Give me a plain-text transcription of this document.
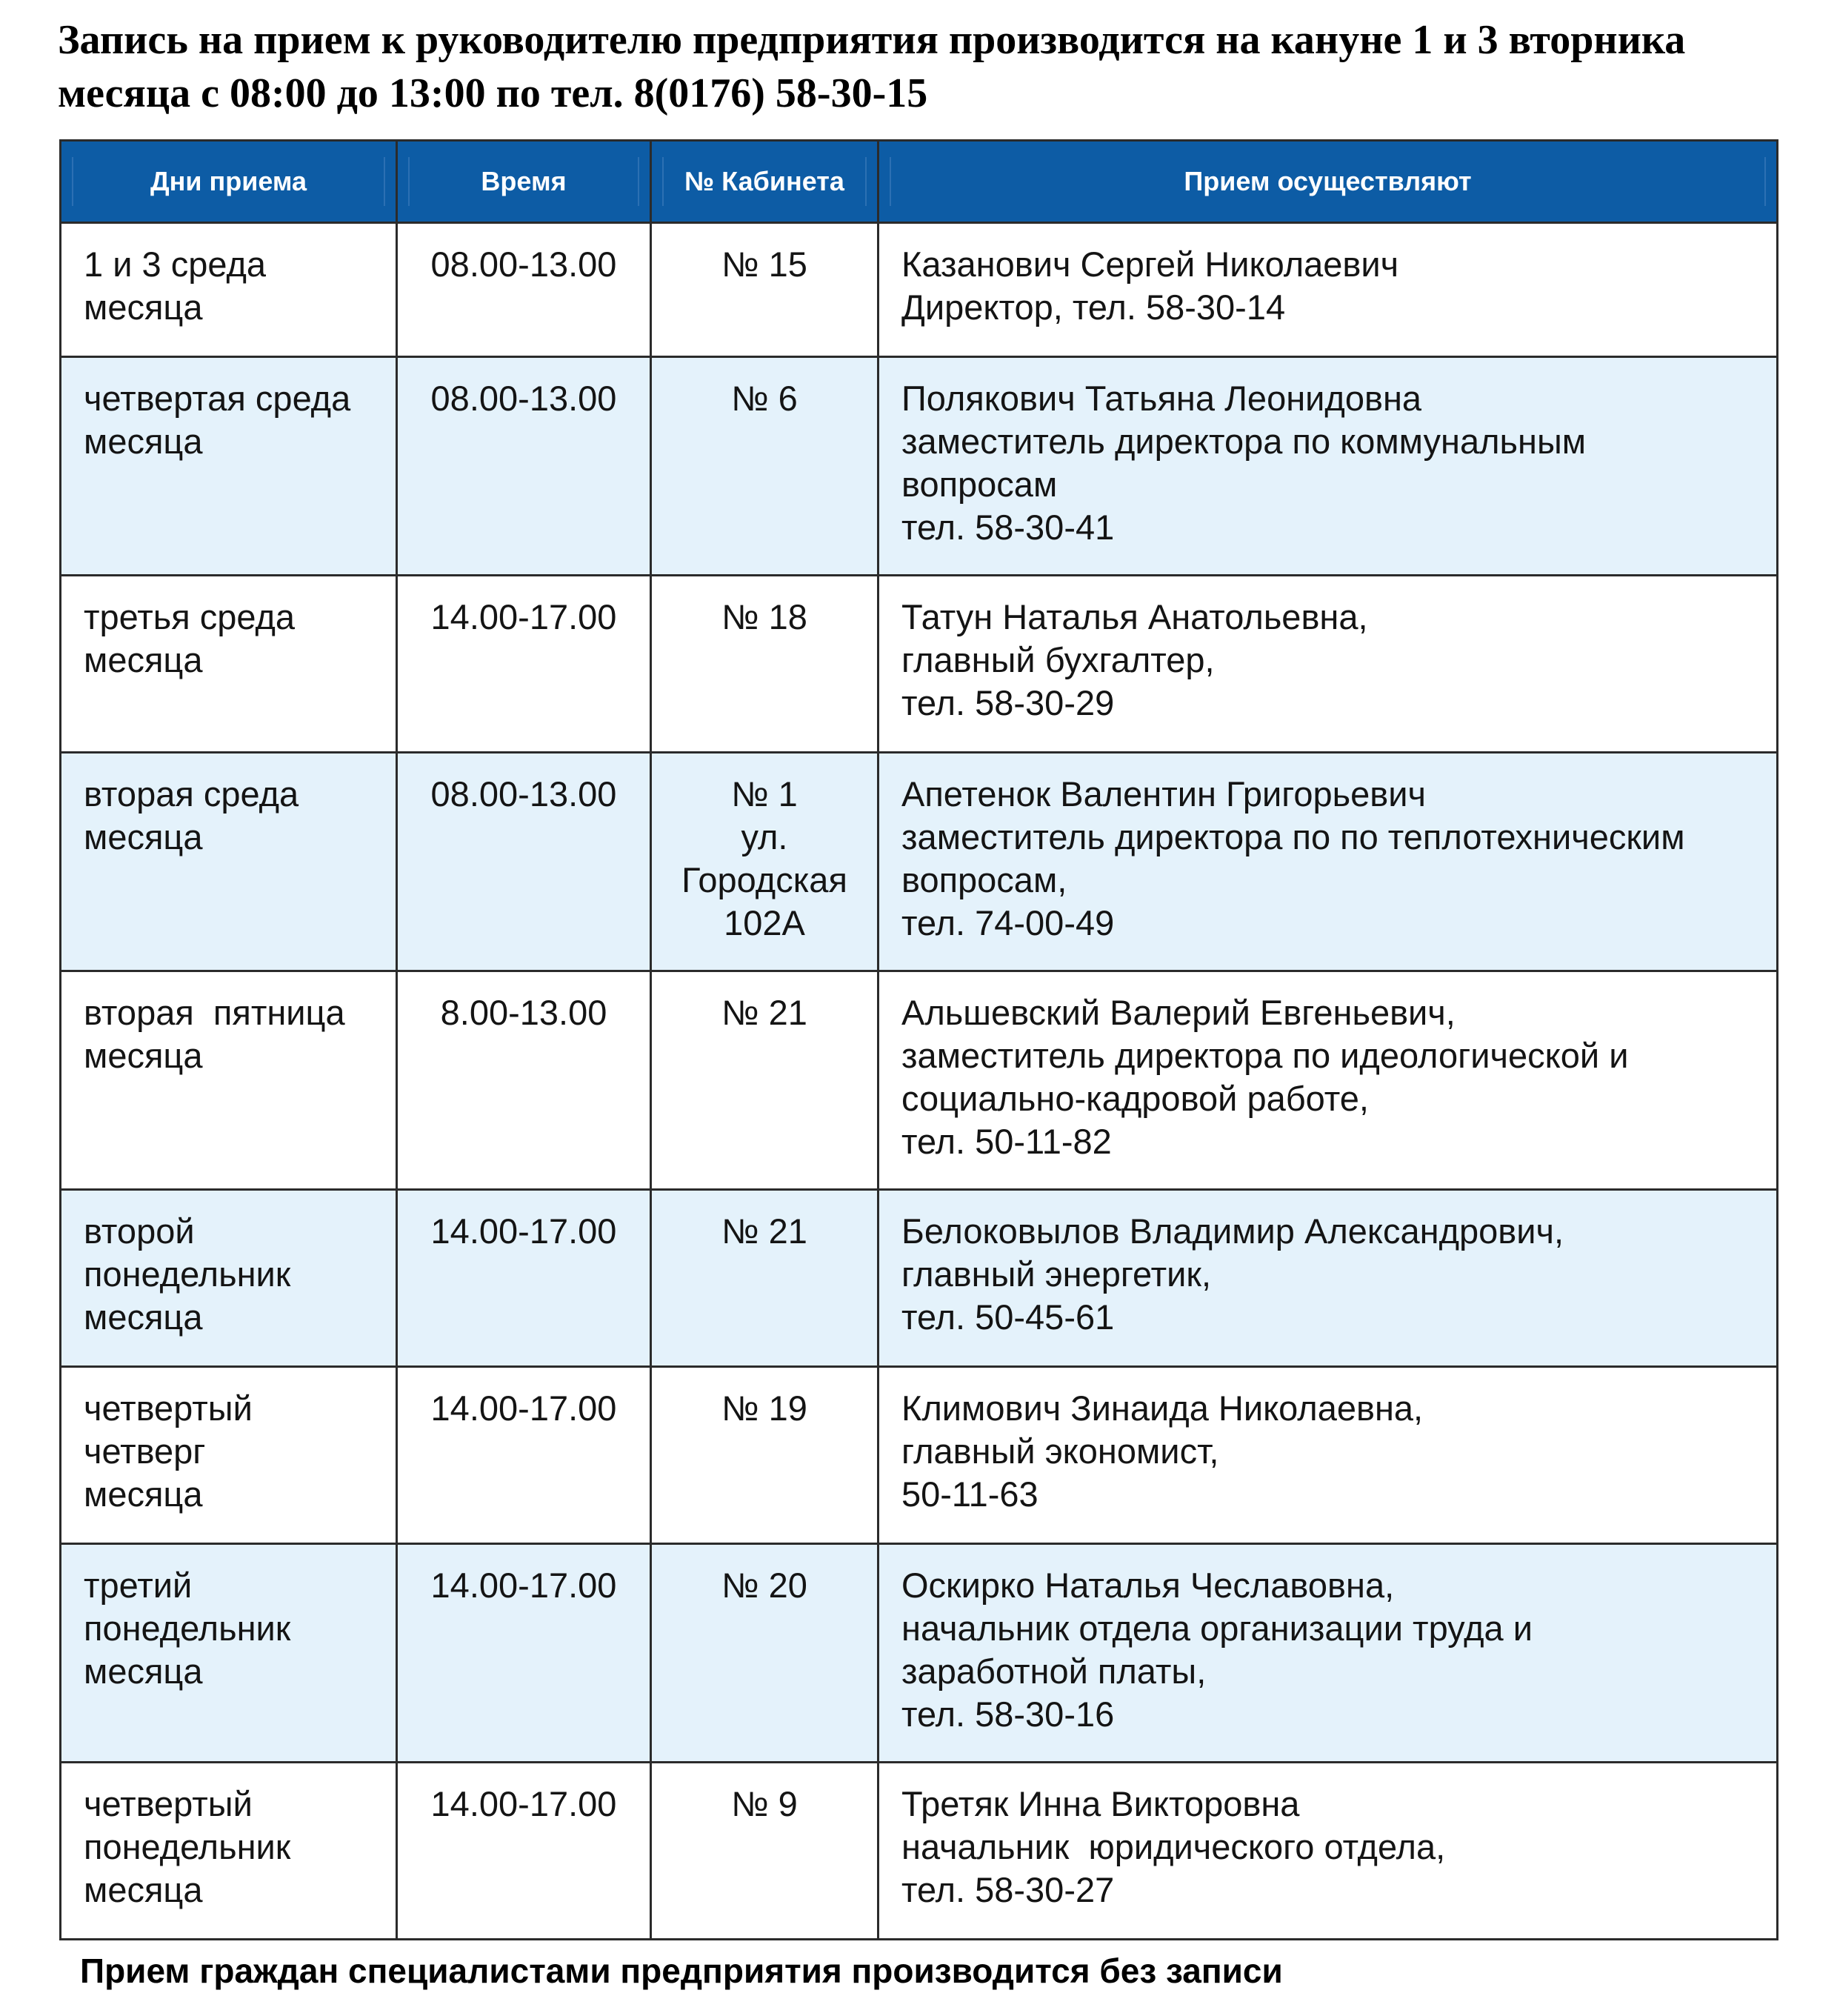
Запись на прием к руководителю предприятия производится на кануне 1 и 3 вторника
месяца с 08:00 до 13:00 по тел. 8(0176) 58-30-15
Дни приема	Время	№ Кабинета	Прием осуществляют

1 и 3 среда
месяца	08.00-13.00	№ 15	Казанович Сергей Николаевич
Директор, тел. 58-30-14

четвертая среда
месяца	08.00-13.00	№ 6	Полякович Татьяна Леонидовна
заместитель директора по коммунальным
вопросам
тел. 58-30-41

третья среда
месяца	14.00-17.00	№ 18	Татун Наталья Анатольевна,
главный бухгалтер,
тел. 58-30-29

вторая среда
месяца	08.00-13.00	№ 1
ул.
Городская
102А	Апетенок Валентин Григорьевич
заместитель директора по по теплотехническим
вопросам,
тел. 74-00-49

вторая  пятница
месяца	8.00-13.00	№ 21	Альшевский Валерий Евгеньевич,
заместитель директора по идеологической и
социально-кадровой работе,
тел. 50-11-82

второй
понедельник
месяца	14.00-17.00	№ 21	Белоковылов Владимир Александрович,
главный энергетик,
тел. 50-45-61

четвертый
четверг
месяца	14.00-17.00	№ 19	Климович Зинаида Николаевна,
главный экономист,
50-11-63

третий
понедельник
месяца	14.00-17.00	№ 20	Оскирко Наталья Чеславовна,
начальник отдела организации труда и
заработной платы,
тел. 58-30-16

четвертый
понедельник
месяца	14.00-17.00	№ 9	Третяк Инна Викторовна
начальник  юридического отдела,
тел. 58-30-27

Прием граждан специалистами предприятия производится без записи
